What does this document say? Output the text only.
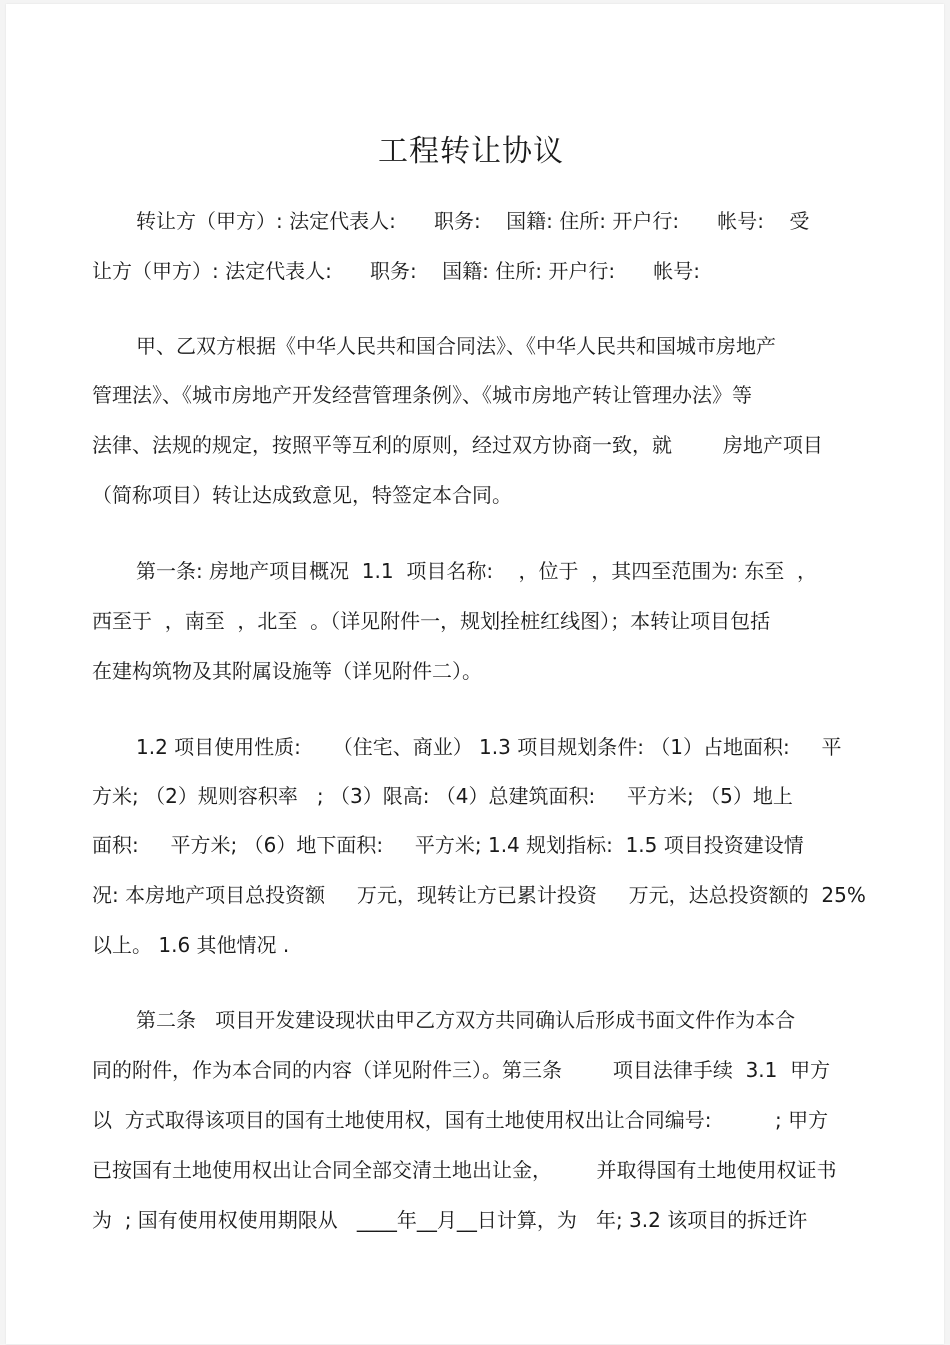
工程转让协议

转让方（甲方）: 法定代表人:      职务:    国籍: 住所: 开户行:      帐号:    受

让方（甲方）: 法定代表人:      职务:    国籍: 住所: 开户行:      帐号:

甲、乙双方根据《中华人民共和国合同法》、《中华人民共和国城市房地产

管理法》、《城市房地产开发经营管理条例》、《城市房地产转让管理办法》等

法律、法规的规定，按照平等互利的原则，经过双方协商一致，就        房地产项目

（简称项目）转让达成致意见，特签定本合同。

第一条: 房地产项目概况  1.1  项目名称:    ，位于  ，其四至范围为: 东至  ，

西至于  ，南至  ，北至  。（详见附件一，规划拴桩红线图）；本转让项目包括

在建构筑物及其附属设施等（详见附件二）。

1.2 项目使用性质:     （住宅、商业） 1.3 项目规划条件: （1）占地面积:     平

方米; （2）规则容积率   ; （3）限高: （4）总建筑面积:     平方米; （5）地上

面积:     平方米; （6）地下面积:     平方米; 1.4 规划指标:  1.5 项目投资建设情

况: 本房地产项目总投资额     万元，现转让方已累计投资     万元，达总投资额的  25%

以上。 1.6 其他情况 .

第二条   项目开发建设现状由甲乙方双方共同确认后形成书面文件作为本合

同的附件，作为本合同的内容（详见附件三）。第三条        项目法律手续  3.1  甲方

以  方式取得该项目的国有土地使用权，国有土地使用权出让合同编号:          ; 甲方

已按国有土地使用权出让合同全部交清土地出让金，       并取得国有土地使用权证书

为  ; 国有使用权使用期限从   ____年__月__日计算，为   年; 3.2 该项目的拆迁许
